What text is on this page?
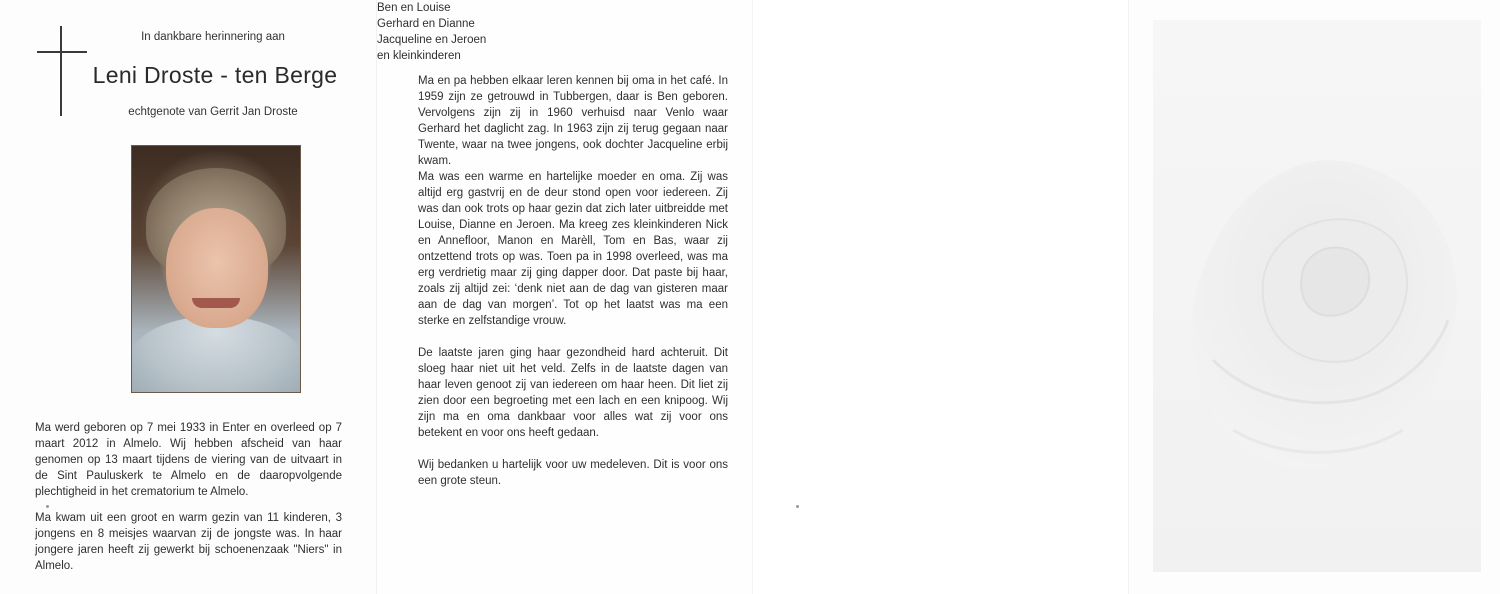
In dankbare herinnering aan
Leni Droste - ten Berge
echtgenote van Gerrit Jan Droste

Ma werd geboren op 7 mei 1933 in Enter en overleed op 7 maart 2012 in Almelo. Wij hebben afscheid van haar genomen op 13 maart tijdens de viering van de uitvaart in de Sint Pauluskerk te Almelo en de daaropvolgende plechtigheid in het crematorium te Almelo.

Ma kwam uit een groot en warm gezin van 11 kinderen, 3 jongens en 8 meisjes waarvan zij de jongste was. In haar jongere jaren heeft zij gewerkt bij schoenenzaak "Niers" in Almelo.

Ma en pa hebben elkaar leren kennen bij oma in het café. In 1959 zijn ze getrouwd in Tubbergen, daar is Ben geboren. Vervolgens zijn zij in 1960 verhuisd naar Venlo waar Gerhard het daglicht zag. In 1963 zijn zij terug gegaan naar Twente, waar na twee jongens, ook dochter Jacqueline erbij kwam.

Ma was een warme en hartelijke moeder en oma. Zij was altijd erg gastvrij en de deur stond open voor iedereen. Zij was dan ook trots op haar gezin dat zich later uitbreidde met Louise, Dianne en Jeroen. Ma kreeg zes kleinkinderen Nick en Annefloor, Manon en Marèll, Tom en Bas, waar zij ontzettend trots op was. Toen pa in 1998 overleed, was ma erg verdrietig maar zij ging dapper door. Dat paste bij haar, zoals zij altijd zei: ‘denk niet aan de dag van gisteren maar aan de dag van morgen’. Tot op het laatst was ma een sterke en zelfstandige vrouw.

De laatste jaren ging haar gezondheid hard achteruit. Dit sloeg haar niet uit het veld. Zelfs in de laatste dagen van haar leven genoot zij van iedereen om haar heen. Dit liet zij zien door een begroeting met een lach en een knipoog. Wij zijn ma en oma dankbaar voor alles wat zij voor ons betekent en voor ons heeft gedaan.

Wij bedanken u hartelijk voor uw medeleven. Dit is voor ons een grote steun.

Ben en Louise
Gerhard en Dianne
Jacqueline en Jeroen
en kleinkinderen
